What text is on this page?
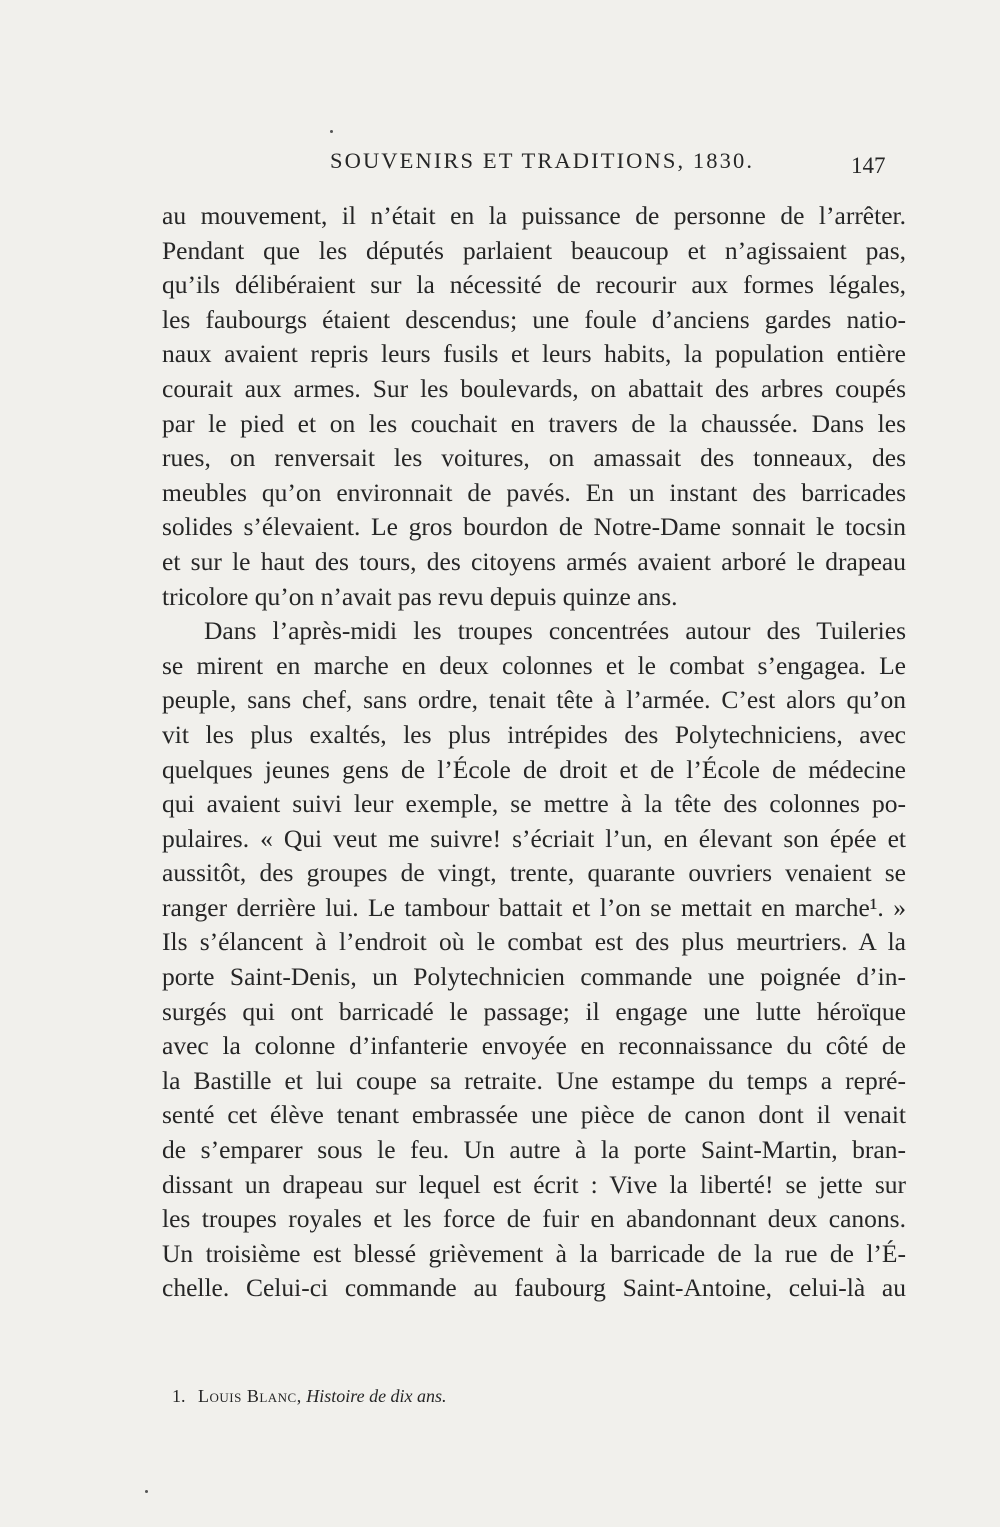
SOUVENIRS ET TRADITIONS, 1830.	147
au mouvement, il n’était en la puissance de personne de l’arrêter.
Pendant que les députés parlaient beaucoup et n’agissaient pas,
qu’ils délibéraient sur la nécessité de recourir aux formes légales,
les faubourgs étaient descendus; une foule d’anciens gardes natio-
naux avaient repris leurs fusils et leurs habits, la population entière
courait aux armes. Sur les boulevards, on abattait des arbres coupés
par le pied et on les couchait en travers de la chaussée. Dans les
rues, on renversait les voitures, on amassait des tonneaux, des
meubles qu’on environnait de pavés. En un instant des barricades
solides s’élevaient. Le gros bourdon de Notre-Dame sonnait le tocsin
et sur le haut des tours, des citoyens armés avaient arboré le drapeau
tricolore qu’on n’avait pas revu depuis quinze ans.
Dans l’après-midi les troupes concentrées autour des Tuileries
se mirent en marche en deux colonnes et le combat s’engagea. Le
peuple, sans chef, sans ordre, tenait tête à l’armée. C’est alors qu’on
vit les plus exaltés, les plus intrépides des Polytechniciens, avec
quelques jeunes gens de l’École de droit et de l’École de médecine
qui avaient suivi leur exemple, se mettre à la tête des colonnes po-
pulaires. « Qui veut me suivre! s’écriait l’un, en élevant son épée et
aussitôt, des groupes de vingt, trente, quarante ouvriers venaient se
ranger derrière lui. Le tambour battait et l’on se mettait en marche¹. »
Ils s’élancent à l’endroit où le combat est des plus meurtriers. A la
porte Saint-Denis, un Polytechnicien commande une poignée d’in-
surgés qui ont barricadé le passage; il engage une lutte héroïque
avec la colonne d’infanterie envoyée en reconnaissance du côté de
la Bastille et lui coupe sa retraite. Une estampe du temps a repré-
senté cet élève tenant embrassée une pièce de canon dont il venait
de s’emparer sous le feu. Un autre à la porte Saint-Martin, bran-
dissant un drapeau sur lequel est écrit : Vive la liberté! se jette sur
les troupes royales et les force de fuir en abandonnant deux canons.
Un troisième est blessé grièvement à la barricade de la rue de l’É-
chelle. Celui-ci commande au faubourg Saint-Antoine, celui-là au
1. Louis Blanc, Histoire de dix ans.
